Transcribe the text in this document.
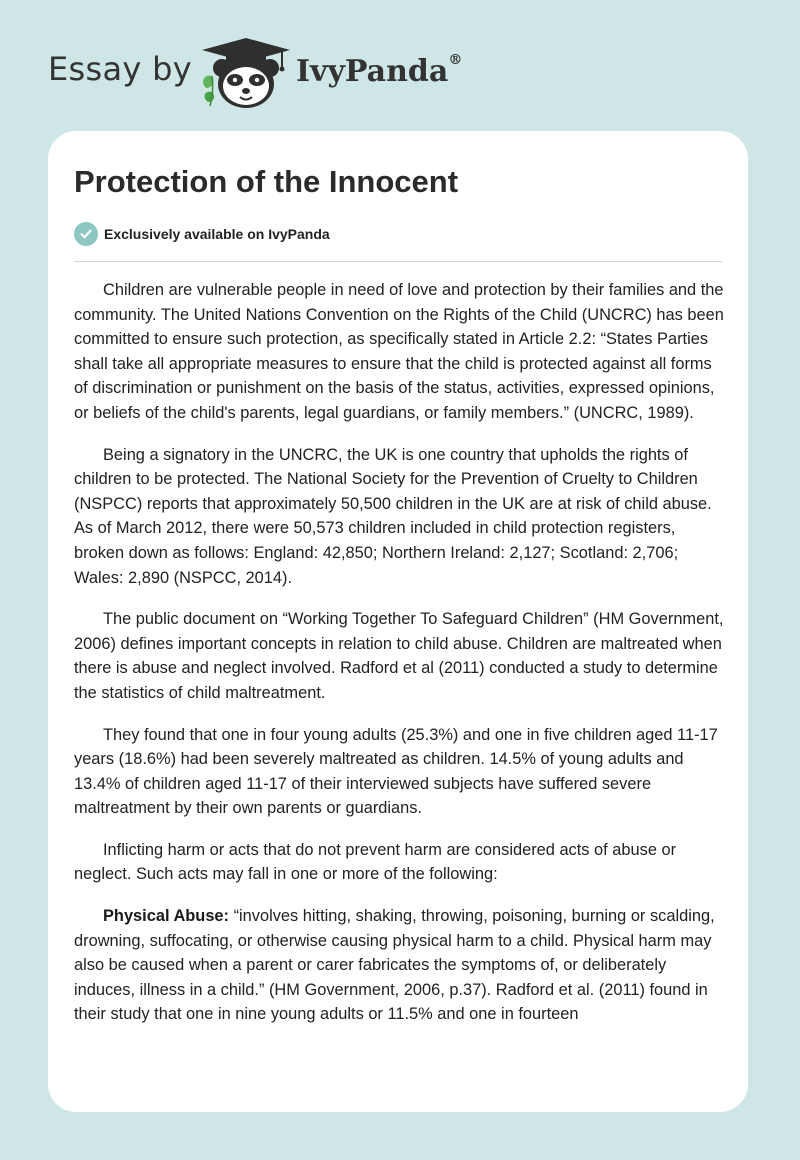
Essay by	IvyPanda®
Protection of the Innocent
Exclusively available on IvyPanda

Children are vulnerable people in need of love and protection by their families and the community. The United Nations Convention on the Rights of the Child (UNCRC) has been committed to ensure such protection, as specifically stated in Article 2.2: “States Parties shall take all appropriate measures to ensure that the child is protected against all forms of discrimination or punishment on the basis of the status, activities, expressed opinions, or beliefs of the child's parents, legal guardians, or family members.” (UNCRC, 1989).

Being a signatory in the UNCRC, the UK is one country that upholds the rights of children to be protected. The National Society for the Prevention of Cruelty to Children (NSPCC) reports that approximately 50,500 children in the UK are at risk of child abuse. As of March 2012, there were 50,573 children included in child protection registers, broken down as follows: England: 42,850; Northern Ireland: 2,127; Scotland: 2,706; Wales: 2,890 (NSPCC, 2014).

The public document on “Working Together To Safeguard Children” (HM Government, 2006) defines important concepts in relation to child abuse. Children are maltreated when there is abuse and neglect involved. Radford et al (2011) conducted a study to determine the statistics of child maltreatment.

They found that one in four young adults (25.3%) and one in five children aged 11-17 years (18.6%) had been severely maltreated as children. 14.5% of young adults and 13.4% of children aged 11-17 of their interviewed subjects have suffered severe maltreatment by their own parents or guardians.

Inflicting harm or acts that do not prevent harm are considered acts of abuse or neglect. Such acts may fall in one or more of the following:

Physical Abuse: “involves hitting, shaking, throwing, poisoning, burning or scalding, drowning, suffocating, or otherwise causing physical harm to a child. Physical harm may also be caused when a parent or carer fabricates the symptoms of, or deliberately induces, illness in a child.” (HM Government, 2006, p.37). Radford et al. (2011) found in their study that one in nine young adults or 11.5% and one in fourteen
